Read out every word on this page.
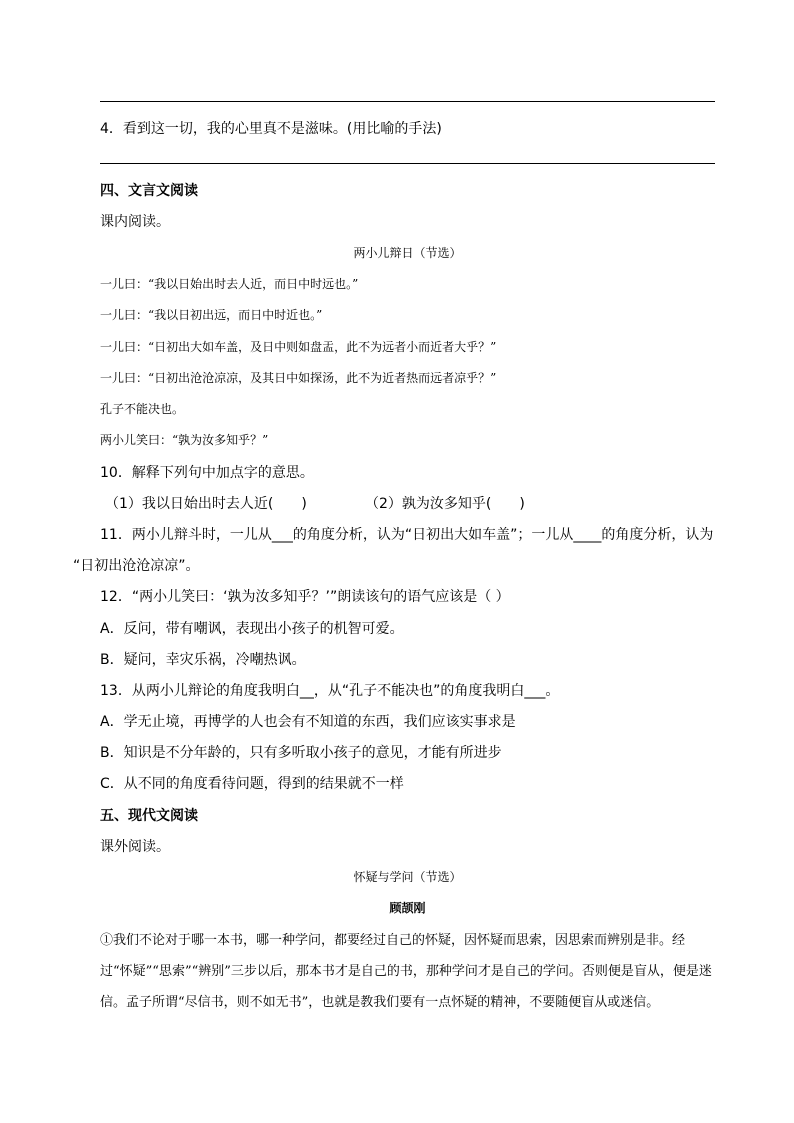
4．看到这一切，我的心里真不是滋味。(用比喻的手法)
四、文言文阅读
课内阅读。
两小儿辩日（节选）
一儿曰：“我以日始出时去人近，而日中时远也。”
一儿曰：“我以日初出远，而日中时近也。”
一儿曰：“日初出大如车盖，及日中则如盘盂，此不为远者小而近者大乎？”
一儿曰：“日初出沧沧凉凉，及其日中如探汤，此不为近者热而远者凉乎？”
孔子不能决也。
两小儿笑曰：“孰为汝多知乎？”
10．解释下列句中加点字的意思。
（1）我以日始出时去人近(　　)	（2）孰为汝多知乎(　　)
11．两小儿辩斗时，一儿从___的角度分析，认为“日初出大如车盖”；一儿从____的角度分析，认为
“日初出沧沧凉凉”。
12．“两小儿笑曰：‘孰为汝多知乎？’”朗读该句的语气应该是（ ）
A．反问，带有嘲讽，表现出小孩子的机智可爱。
B．疑问，幸灾乐祸，冷嘲热讽。
13．从两小儿辩论的角度我明白__，从“孔子不能决也”的角度我明白___。
A．学无止境，再博学的人也会有不知道的东西，我们应该实事求是
B．知识是不分年龄的，只有多听取小孩子的意见，才能有所进步
C．从不同的角度看待问题，得到的结果就不一样
五、现代文阅读
课外阅读。
怀疑与学问（节选）
顾颉刚
①我们不论对于哪一本书，哪一种学问，都要经过自己的怀疑，因怀疑而思索，因思索而辨别是非。经过“怀疑”“思索”“辨别”三步以后，那本书才是自己的书，那种学问才是自己的学问。否则便是盲从，便是迷信。孟子所谓“尽信书，则不如无书”，也就是教我们要有一点怀疑的精神，不要随便盲从或迷信。
